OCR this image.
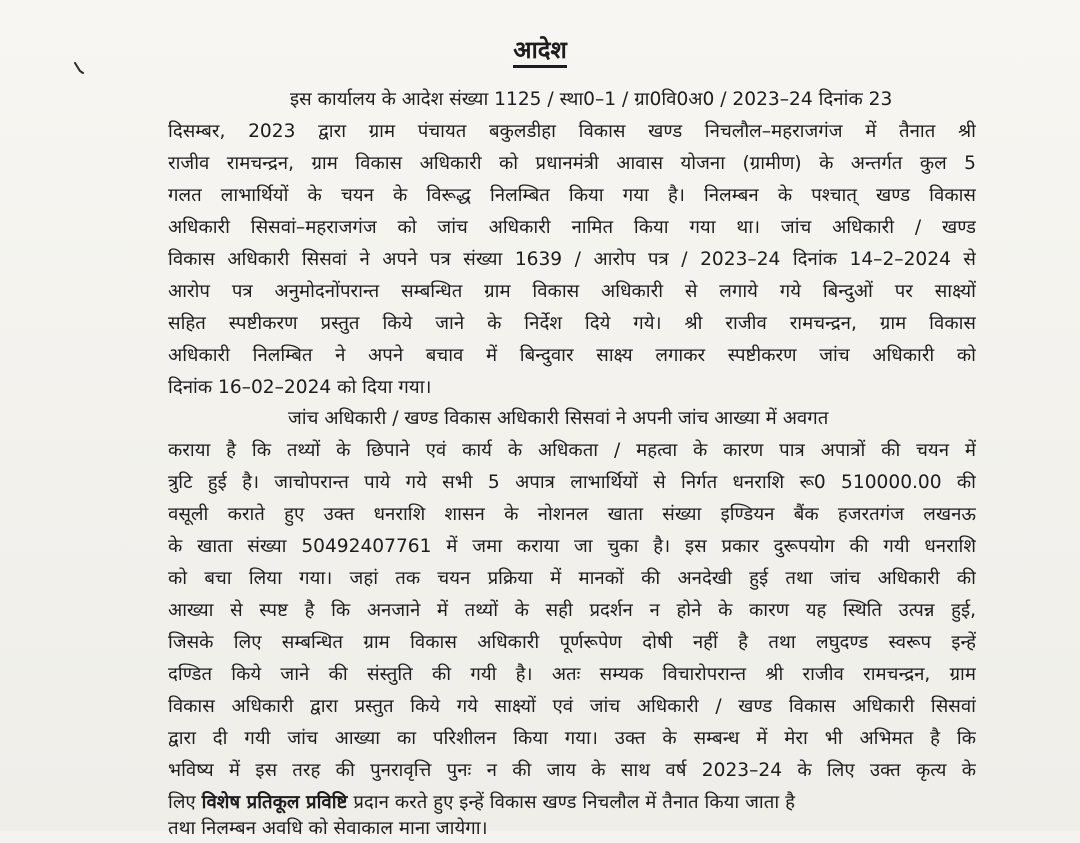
आदेश
इस कार्यालय के आदेश संख्या 1125 / स्था0–1 / ग्रा0वि0अ0 / 2023–24 दिनांक 23
दिसम्बर, 2023 द्वारा ग्राम पंचायत बकुलडीहा विकास खण्ड निचलौल–महराजगंज में तैनात श्री
राजीव रामचन्द्रन, ग्राम विकास अधिकारी को प्रधानमंत्री आवास योजना (ग्रामीण) के अन्तर्गत कुल 5
गलत लाभार्थियों के चयन के विरूद्ध निलम्बित किया गया है। निलम्बन के पश्चात् खण्ड विकास
अधिकारी सिसवां–महराजगंज को जांच अधिकारी नामित किया गया था। जांच अधिकारी / खण्ड
विकास अधिकारी सिसवां ने अपने पत्र संख्या 1639 / आरोप पत्र / 2023–24 दिनांक 14–2–2024 से
आरोप पत्र अनुमोदनोंपरान्त सम्बन्धित ग्राम विकास अधिकारी से लगाये गये बिन्दुओं पर साक्ष्यों
सहित स्पष्टीकरण प्रस्तुत किये जाने के निर्देश दिये गये। श्री राजीव रामचन्द्रन, ग्राम विकास
अधिकारी निलम्बित ने अपने बचाव में बिन्दुवार साक्ष्य लगाकर स्पष्टीकरण जांच अधिकारी को
दिनांक 16–02–2024 को दिया गया।
जांच अधिकारी / खण्ड विकास अधिकारी सिसवां ने अपनी जांच आख्या में अवगत
कराया है कि तथ्यों के छिपाने एवं कार्य के अधिकता / महत्वा के कारण पात्र अपात्रों की चयन में
त्रुटि हुई है। जाचोपरान्त पाये गये सभी 5 अपात्र लाभार्थियों से निर्गत धनराशि रू0 510000.00 की
वसूली कराते हुए उक्त धनराशि शासन के नोशनल खाता संख्या इण्डियन बैंक हजरतगंज लखनऊ
के खाता संख्या 50492407761 में जमा कराया जा चुका है। इस प्रकार दुरूपयोग की गयी धनराशि
को बचा लिया गया। जहां तक चयन प्रक्रिया में मानकों की अनदेखी हुई तथा जांच अधिकारी की
आख्या से स्पष्ट है कि अनजाने में तथ्यों के सही प्रदर्शन न होने के कारण यह स्थिति उत्पन्न हुई,
जिसके लिए सम्बन्धित ग्राम विकास अधिकारी पूर्णरूपेण दोषी नहीं है तथा लघुदण्ड स्वरूप इन्हें
दण्डित किये जाने की संस्तुति की गयी है। अतः सम्यक विचारोपरान्त श्री राजीव रामचन्द्रन, ग्राम
विकास अधिकारी द्वारा प्रस्तुत किये गये साक्ष्यों एवं जांच अधिकारी / खण्ड विकास अधिकारी सिसवां
द्वारा दी गयी जांच आख्या का परिशीलन किया गया। उक्त के सम्बन्ध में मेरा भी अभिमत है कि
भविष्य में इस तरह की पुनरावृत्ति पुनः न की जाय के साथ वर्ष 2023–24 के लिए उक्त कृत्य के
लिए विशेष प्रतिकूल प्रविष्टि प्रदान करते हुए इन्हें विकास खण्ड निचलौल में तैनात किया जाता है
तथा निलम्बन अवधि को सेवाकाल माना जायेगा।
